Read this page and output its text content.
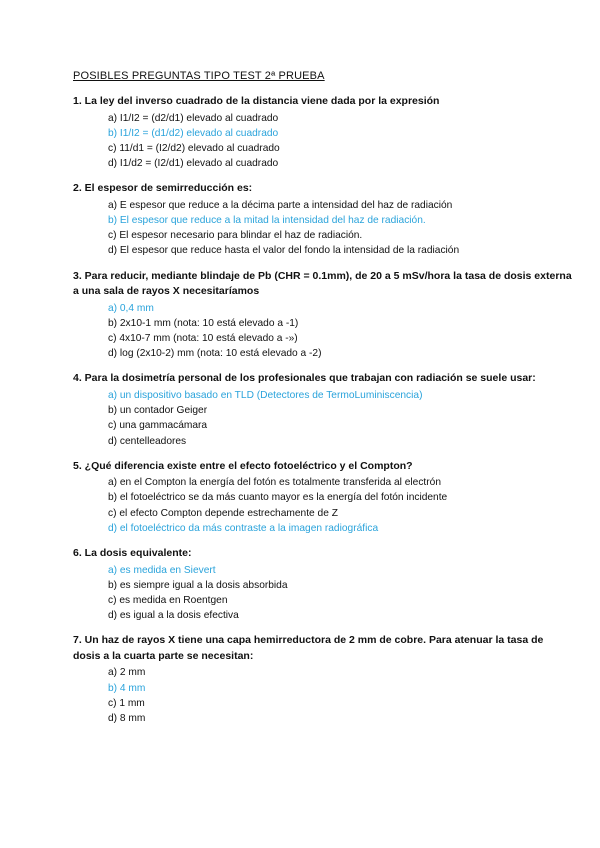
POSIBLES PREGUNTAS TIPO TEST 2ª PRUEBA
1. La ley del inverso cuadrado de la distancia viene dada por la expresión
a) I1/I2 = (d2/d1) elevado al cuadrado
b) I1/I2 = (d1/d2) elevado al cuadrado
c) 11/d1 = (I2/d2) elevado al cuadrado
d) I1/d2 = (I2/d1) elevado al cuadrado
2. El espesor de semirreducción es:
a) E espesor que reduce a la décima parte a intensidad del haz de radiación
b) El espesor que reduce a la mitad la intensidad del haz de radiación.
c) El espesor necesario para blindar el haz de radiación.
d) El espesor que reduce hasta el valor del fondo la intensidad de la radiación
3. Para reducir, mediante blindaje de Pb (CHR = 0.1mm), de 20 a 5 mSv/hora la tasa de dosis externa a una sala de rayos X necesitaríamos
a) 0,4 mm
b) 2x10-1 mm (nota: 10 está elevado a -1)
c) 4x10-7 mm (nota: 10 está elevado a -»)
d) log (2x10-2) mm (nota: 10 está elevado a -2)
4. Para la dosimetría personal de los profesionales que trabajan con radiación se suele usar:
a) un dispositivo basado en TLD (Detectores de TermoLuminiscencia)
b) un contador Geiger
c) una gammacámara
d) centelleadores
5. ¿Qué diferencia existe entre el efecto fotoeléctrico y el Compton?
a) en el Compton la energía del fotón es totalmente transferida al electrón
b) el fotoeléctrico se da más cuanto mayor es la energía del fotón incidente
c) el efecto Compton depende estrechamente de Z
d) el fotoeléctrico da más contraste a la imagen radiográfica
6. La dosis equivalente:
a) es medida en Sievert
b) es siempre igual a la dosis absorbida
c) es medida en Roentgen
d) es igual a la dosis efectiva
7. Un haz de rayos X tiene una capa hemirreductora de 2 mm de cobre. Para atenuar la tasa de dosis a la cuarta parte se necesitan:
a) 2 mm
b) 4 mm
c) 1 mm
d) 8 mm
